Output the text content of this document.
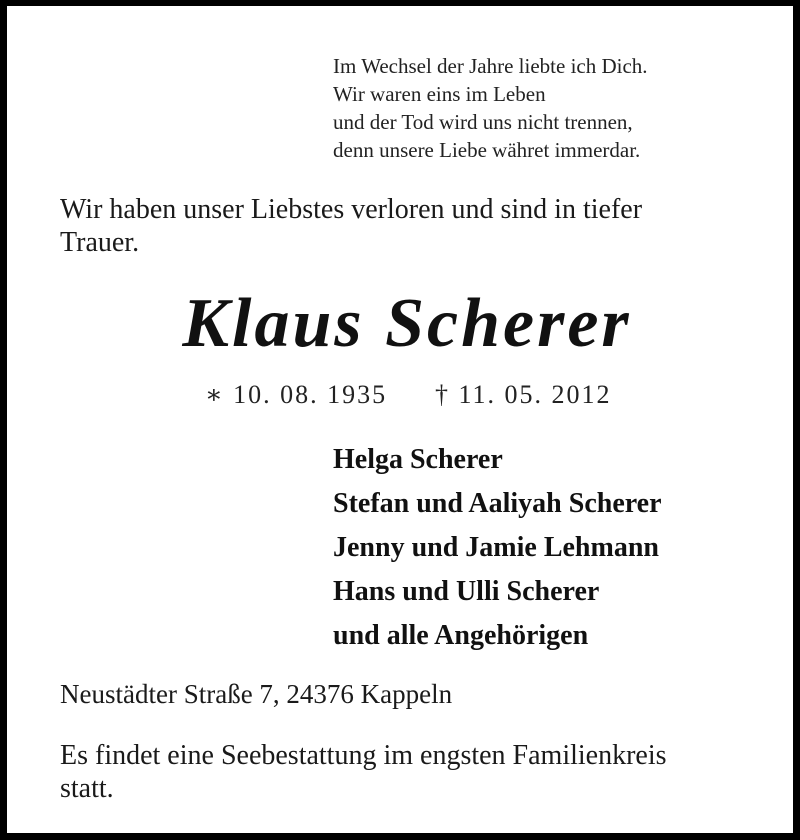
Im Wechsel der Jahre liebte ich Dich.
Wir waren eins im Leben
und der Tod wird uns nicht trennen,
denn unsere Liebe währet immerdar.
Wir haben unser Liebstes verloren und sind in tiefer
Trauer.
Klaus Scherer
∗ 10. 08. 1935 † 11. 05. 2012
Helga Scherer
Stefan und Aaliyah Scherer
Jenny und Jamie Lehmann
Hans und Ulli Scherer
und alle Angehörigen
Neustädter Straße 7, 24376 Kappeln
Es findet eine Seebestattung im engsten Familienkreis
statt.
